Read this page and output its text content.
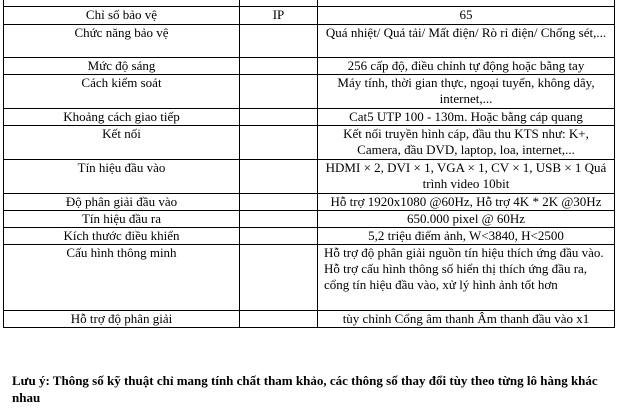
Chỉ số bảo vệ	IP	65
Chức năng bảo vệ		Quá nhiệt/ Quá tải/ Mất điện/ Rò rỉ điện/ Chống sét,...
Mức độ sáng		256 cấp độ, điều chỉnh tự động hoặc bằng tay
Cách kiểm soát		Máy tính, thời gian thực, ngoại tuyến, không dây, internet,...
Khoảng cách giao tiếp		Cat5 UTP 100 - 130m. Hoặc bằng cáp quang
Kết nối		Kết nối truyền hình cáp, đầu thu KTS như: K+, Camera, đầu DVD, laptop, loa, internet,...
Tín hiệu đầu vào		HDMI × 2, DVI × 1, VGA × 1, CV × 1, USB × 1 Quá trình video 10bit
Độ phân giải đầu vào		Hỗ trợ 1920x1080 @60Hz, Hỗ trợ 4K * 2K @30Hz
Tín hiệu đầu ra		650.000 pixel @ 60Hz
Kích thước điều khiển		5,2 triệu điểm ảnh, W<3840, H<2500
Cấu hình thông minh		Hỗ trợ độ phân giải nguồn tín hiệu thích ứng đầu vào. Hỗ trợ cấu hình thông số hiển thị thích ứng đầu ra, cổng tín hiệu đầu vào, xử lý hình ảnh tốt hơn
Hỗ trợ độ phân giải		tùy chỉnh Cổng âm thanh Âm thanh đầu vào x1
Lưu ý: Thông số kỹ thuật chỉ mang tính chất tham khảo, các thông số thay đổi tùy theo từng lô hàng khác nhau
